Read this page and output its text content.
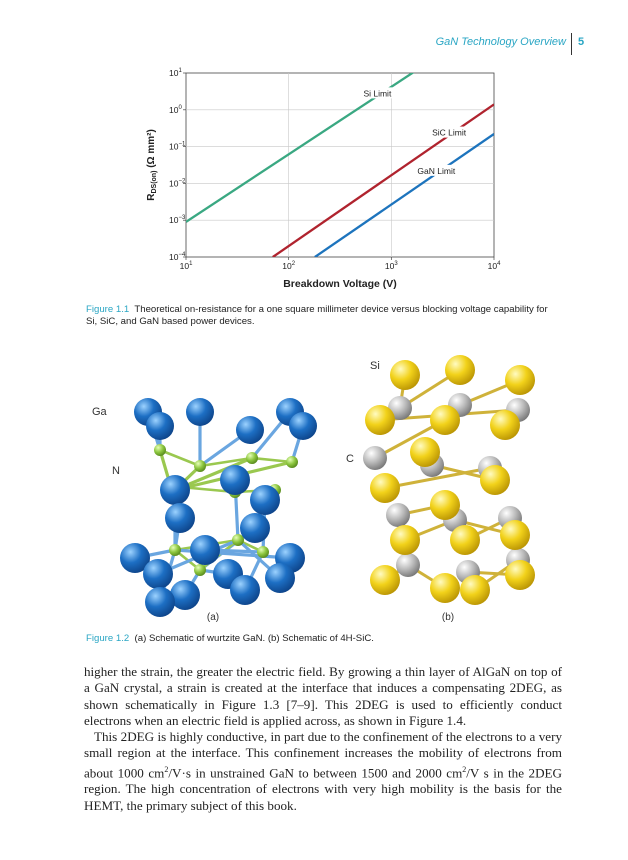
GaN Technology Overview 5
$10^1$	$10^2$	$10^3$	$10^4$
$10^1$
$10^0$
$10^{-1}$
$10^{-2}$
$10^{-3}$
$10^{-4}$
Si Limit
SiC Limit
GaN Limit
Breakdown Voltage (V)
$R_{DS(on)}$ (Ω mm²)
Figure 1.1 Theoretical on-resistance for a one square millimeter device versus blocking voltage capability for Si, SiC, and GaN based power devices.
Ga
N
Si
C
(a)	(b)
Figure 1.2 (a) Schematic of wurtzite GaN. (b) Schematic of 4H-SiC.

higher the strain, the greater the electric field. By growing a thin layer of AlGaN on top of a GaN crystal, a strain is created at the interface that induces a compensating 2DEG, as shown schematically in Figure 1.3 [7–9]. This 2DEG is used to efficiently conduct electrons when an electric field is applied across, as shown in Figure 1.4.

This 2DEG is highly conductive, in part due to the confinement of the electrons to a very small region at the interface. This confinement increases the mobility of electrons from about 1000 $cm^2/V\cdot s$ in unstrained GaN to between 1500 and 2000 $cm^2/V$ s in the 2DEG region. The high concentration of electrons with very high mobility is the basis for the HEMT, the primary subject of this book.
